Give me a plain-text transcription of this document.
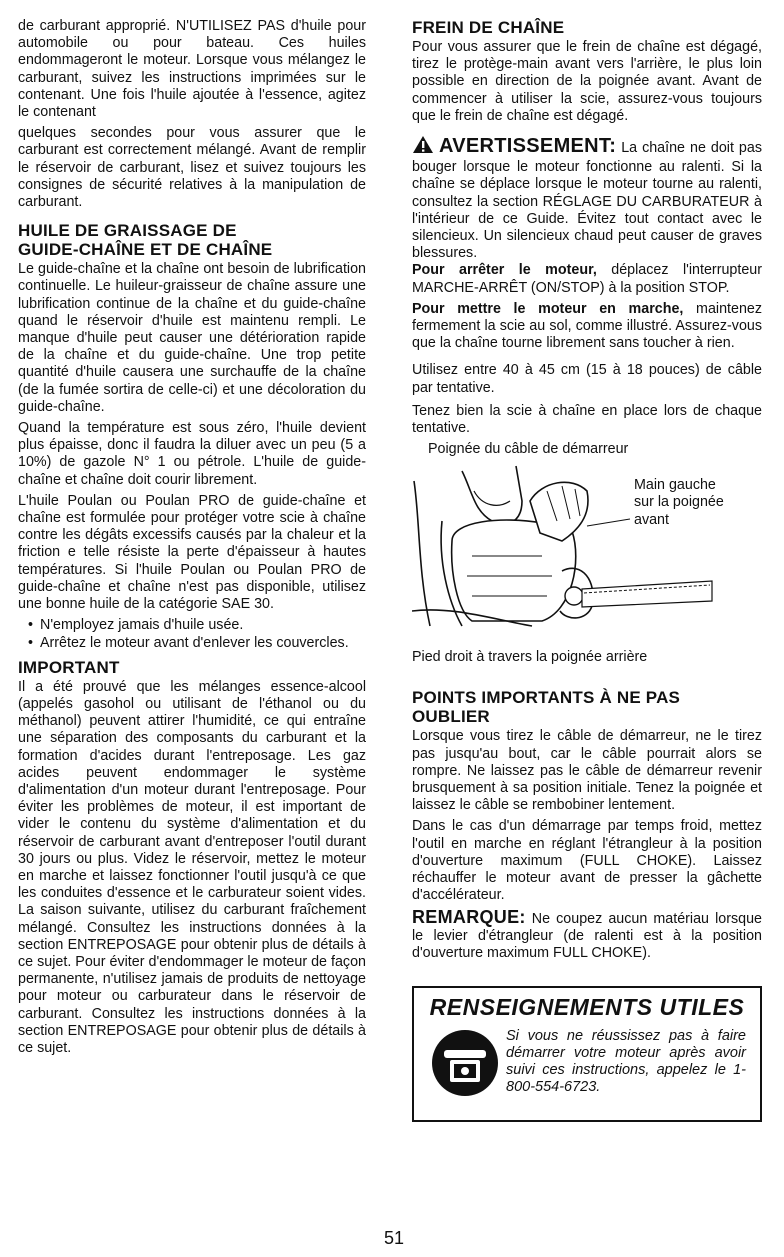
de carburant approprié. N'UTILISEZ PAS d'huile pour automobile ou pour bateau. Ces huiles endommageront le moteur. Lorsque vous mélangez le carburant, suivez les instructions imprimées sur le contenant. Une fois l'huile ajoutée à l'essence, agitez le contenant

quelques secondes pour vous assurer que le carburant est correctement mélangé. Avant de remplir le réservoir de carburant, lisez et suivez toujours les consignes de sécurité relatives à la manipulation de carburant.

HUILE DE GRAISSAGE DE
GUIDE-CHAÎNE ET DE CHAÎNE

Le guide-chaîne et la chaîne ont besoin de lubrification continuelle. Le huileur-graisseur de chaîne assure une lubrification continue de la chaîne et du guide-chaîne quand le réservoir d'huile est maintenu rempli. Le manque d'huile peut causer une détérioration rapide de la chaîne et du guide-chaîne. Une trop petite quantité d'huile causera une surchauffe de la chaîne (de la fumée sortira de celle-ci) et une décoloration du guide-chaîne.

Quand la température est sous zéro, l'huile devient plus épaisse, donc il faudra la diluer avec un peu (5 a 10%) de gazole N° 1 ou pétrole. L'huile de guide-chaîne et chaîne doit courir librement.

L'huile Poulan ou Poulan PRO de guide-chaîne et chaîne est formulée pour protéger votre scie à chaîne contre les dégâts excessifs causés par la chaleur et la friction e telle résiste la perte d'épaisseur à hautes températures. Si l'huile Poulan ou Poulan PRO de guide-chaîne et chaîne n'est pas disponible, utilisez une bonne huile de la catégorie SAE 30.

• N'employez jamais d'huile usée.
• Arrêtez le moteur avant d'enlever les couvercles.
IMPORTANT

Il a été prouvé que les mélanges essence-alcool (appelés gasohol ou utilisant de l'éthanol ou du méthanol) peuvent attirer l'humidité, ce qui entraîne une séparation des composants du carburant et la formation d'acides durant l'entreposage. Les gaz acides peuvent endommager le système d'alimentation d'un moteur durant l'entreposage. Pour éviter les problèmes de moteur, il est important de vider le contenu du système d'alimentation et du réservoir de carburant avant d'entreposer l'outil durant 30 jours ou plus. Videz le réservoir, mettez le moteur en marche et laissez fonctionner l'outil jusqu'à ce que les conduites d'essence et le carburateur soient vides. La saison suivante, utilisez du carburant fraîchement mélangé. Consultez les instructions données à la section ENTREPOSAGE pour obtenir plus de détails à ce sujet. Pour éviter d'endommager le moteur de façon permanente, n'utilisez jamais de produits de nettoyage pour moteur ou carburateur dans le réservoir de carburant. Consultez les instructions données à la section ENTREPOSAGE pour obtenir plus de détails à ce sujet.

FREIN DE CHAÎNE

Pour vous assurer que le frein de chaîne est dégagé, tirez le protège-main avant vers l'arrière, le plus loin possible en direction de la poignée avant. Avant de commencer à utiliser la scie, assurez-vous toujours que le frein de chaîne est dégagé.

AVERTISSEMENT: La chaîne ne doit pas bouger lorsque le moteur fonctionne au ralenti. Si la chaîne se déplace lorsque le moteur tourne au ralenti, consultez la section RÉGLAGE DU CARBURATEUR à l'intérieur de ce Guide. Évitez tout contact avec le silencieux. Un silencieux chaud peut causer de graves blessures.

Pour arrêter le moteur, déplacez l'interrupteur MARCHE-ARRÊT (ON/STOP) à la position STOP.

Pour mettre le moteur en marche, maintenez fermement la scie au sol, comme illustré. Assurez-vous que la chaîne tourne librement sans toucher à rien.

Utilisez entre 40 à 45 cm (15 à 18 pouces) de câble par tentative.

Tenez bien la scie à chaîne en place lors de chaque tentative.

Poignée du câble de démarreur
Main gauche sur la poignée avant

Pied droit à travers la poignée arrière

POINTS IMPORTANTS À NE PAS
OUBLIER

Lorsque vous tirez le câble de démarreur, ne le tirez pas jusqu'au bout, car le câble pourrait alors se rompre. Ne laissez pas le câble de démarreur revenir brusquement à sa position initiale. Tenez la poignée et laissez le câble se rembobiner lentement.

Dans le cas d'un démarrage par temps froid, mettez l'outil en marche en réglant l'étrangleur à la position d'ouverture maximum (FULL CHOKE). Laissez réchauffer le moteur avant de presser la gâchette d'accélérateur.

REMARQUE: Ne coupez aucun matériau lorsque le levier d'étrangleur (de ralenti est à la position d'ouverture maximum FULL CHOKE).

RENSEIGNEMENTS UTILES
Si vous ne réussissez pas à faire démarrer votre moteur après avoir suivi ces instructions, appelez le 1-800-554-6723.
51
